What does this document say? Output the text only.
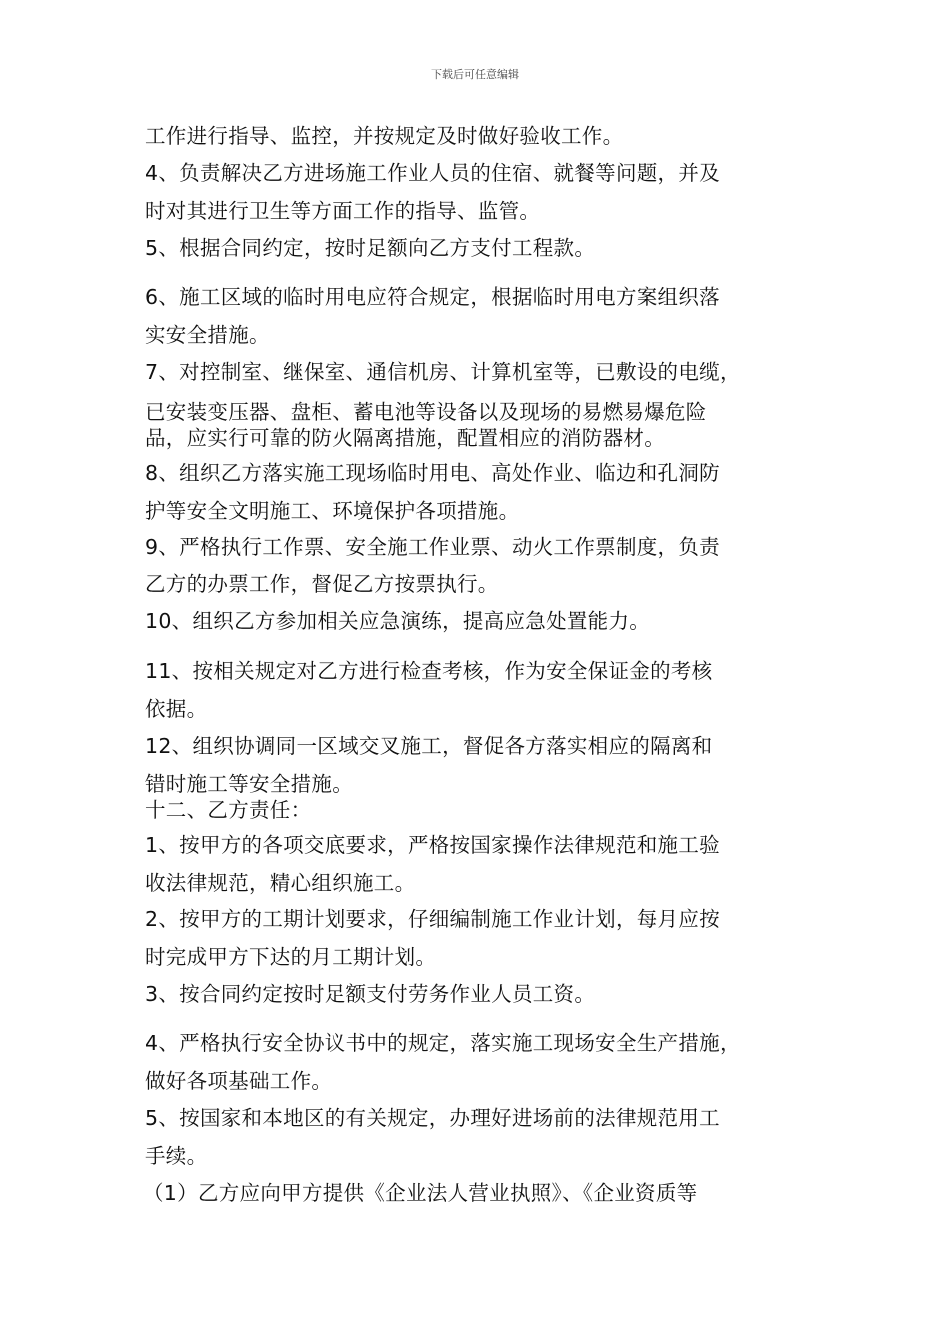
下载后可任意编辑
工作进行指导、监控，并按规定及时做好验收工作。
4、负责解决乙方进场施工作业人员的住宿、就餐等问题，并及
时对其进行卫生等方面工作的指导、监管。
5、根据合同约定，按时足额向乙方支付工程款。
6、施工区域的临时用电应符合规定，根据临时用电方案组织落
实安全措施。
7、对控制室、继保室、通信机房、计算机室等，已敷设的电缆，
已安装变压器、盘柜、蓄电池等设备以及现场的易燃易爆危险
品，应实行可靠的防火隔离措施，配置相应的消防器材。
8、组织乙方落实施工现场临时用电、高处作业、临边和孔洞防
护等安全文明施工、环境保护各项措施。
9、严格执行工作票、安全施工作业票、动火工作票制度，负责
乙方的办票工作，督促乙方按票执行。
10、组织乙方参加相关应急演练，提高应急处置能力。
11、按相关规定对乙方进行检查考核，作为安全保证金的考核
依据。
12、组织协调同一区域交叉施工，督促各方落实相应的隔离和
错时施工等安全措施。
十二、乙方责任：
1、按甲方的各项交底要求，严格按国家操作法律规范和施工验
收法律规范，精心组织施工。
2、按甲方的工期计划要求，仔细编制施工作业计划，每月应按
时完成甲方下达的月工期计划。
3、按合同约定按时足额支付劳务作业人员工资。
4、严格执行安全协议书中的规定，落实施工现场安全生产措施，
做好各项基础工作。
5、按国家和本地区的有关规定，办理好进场前的法律规范用工
手续。
（1）乙方应向甲方提供《企业法人营业执照》、《企业资质等
